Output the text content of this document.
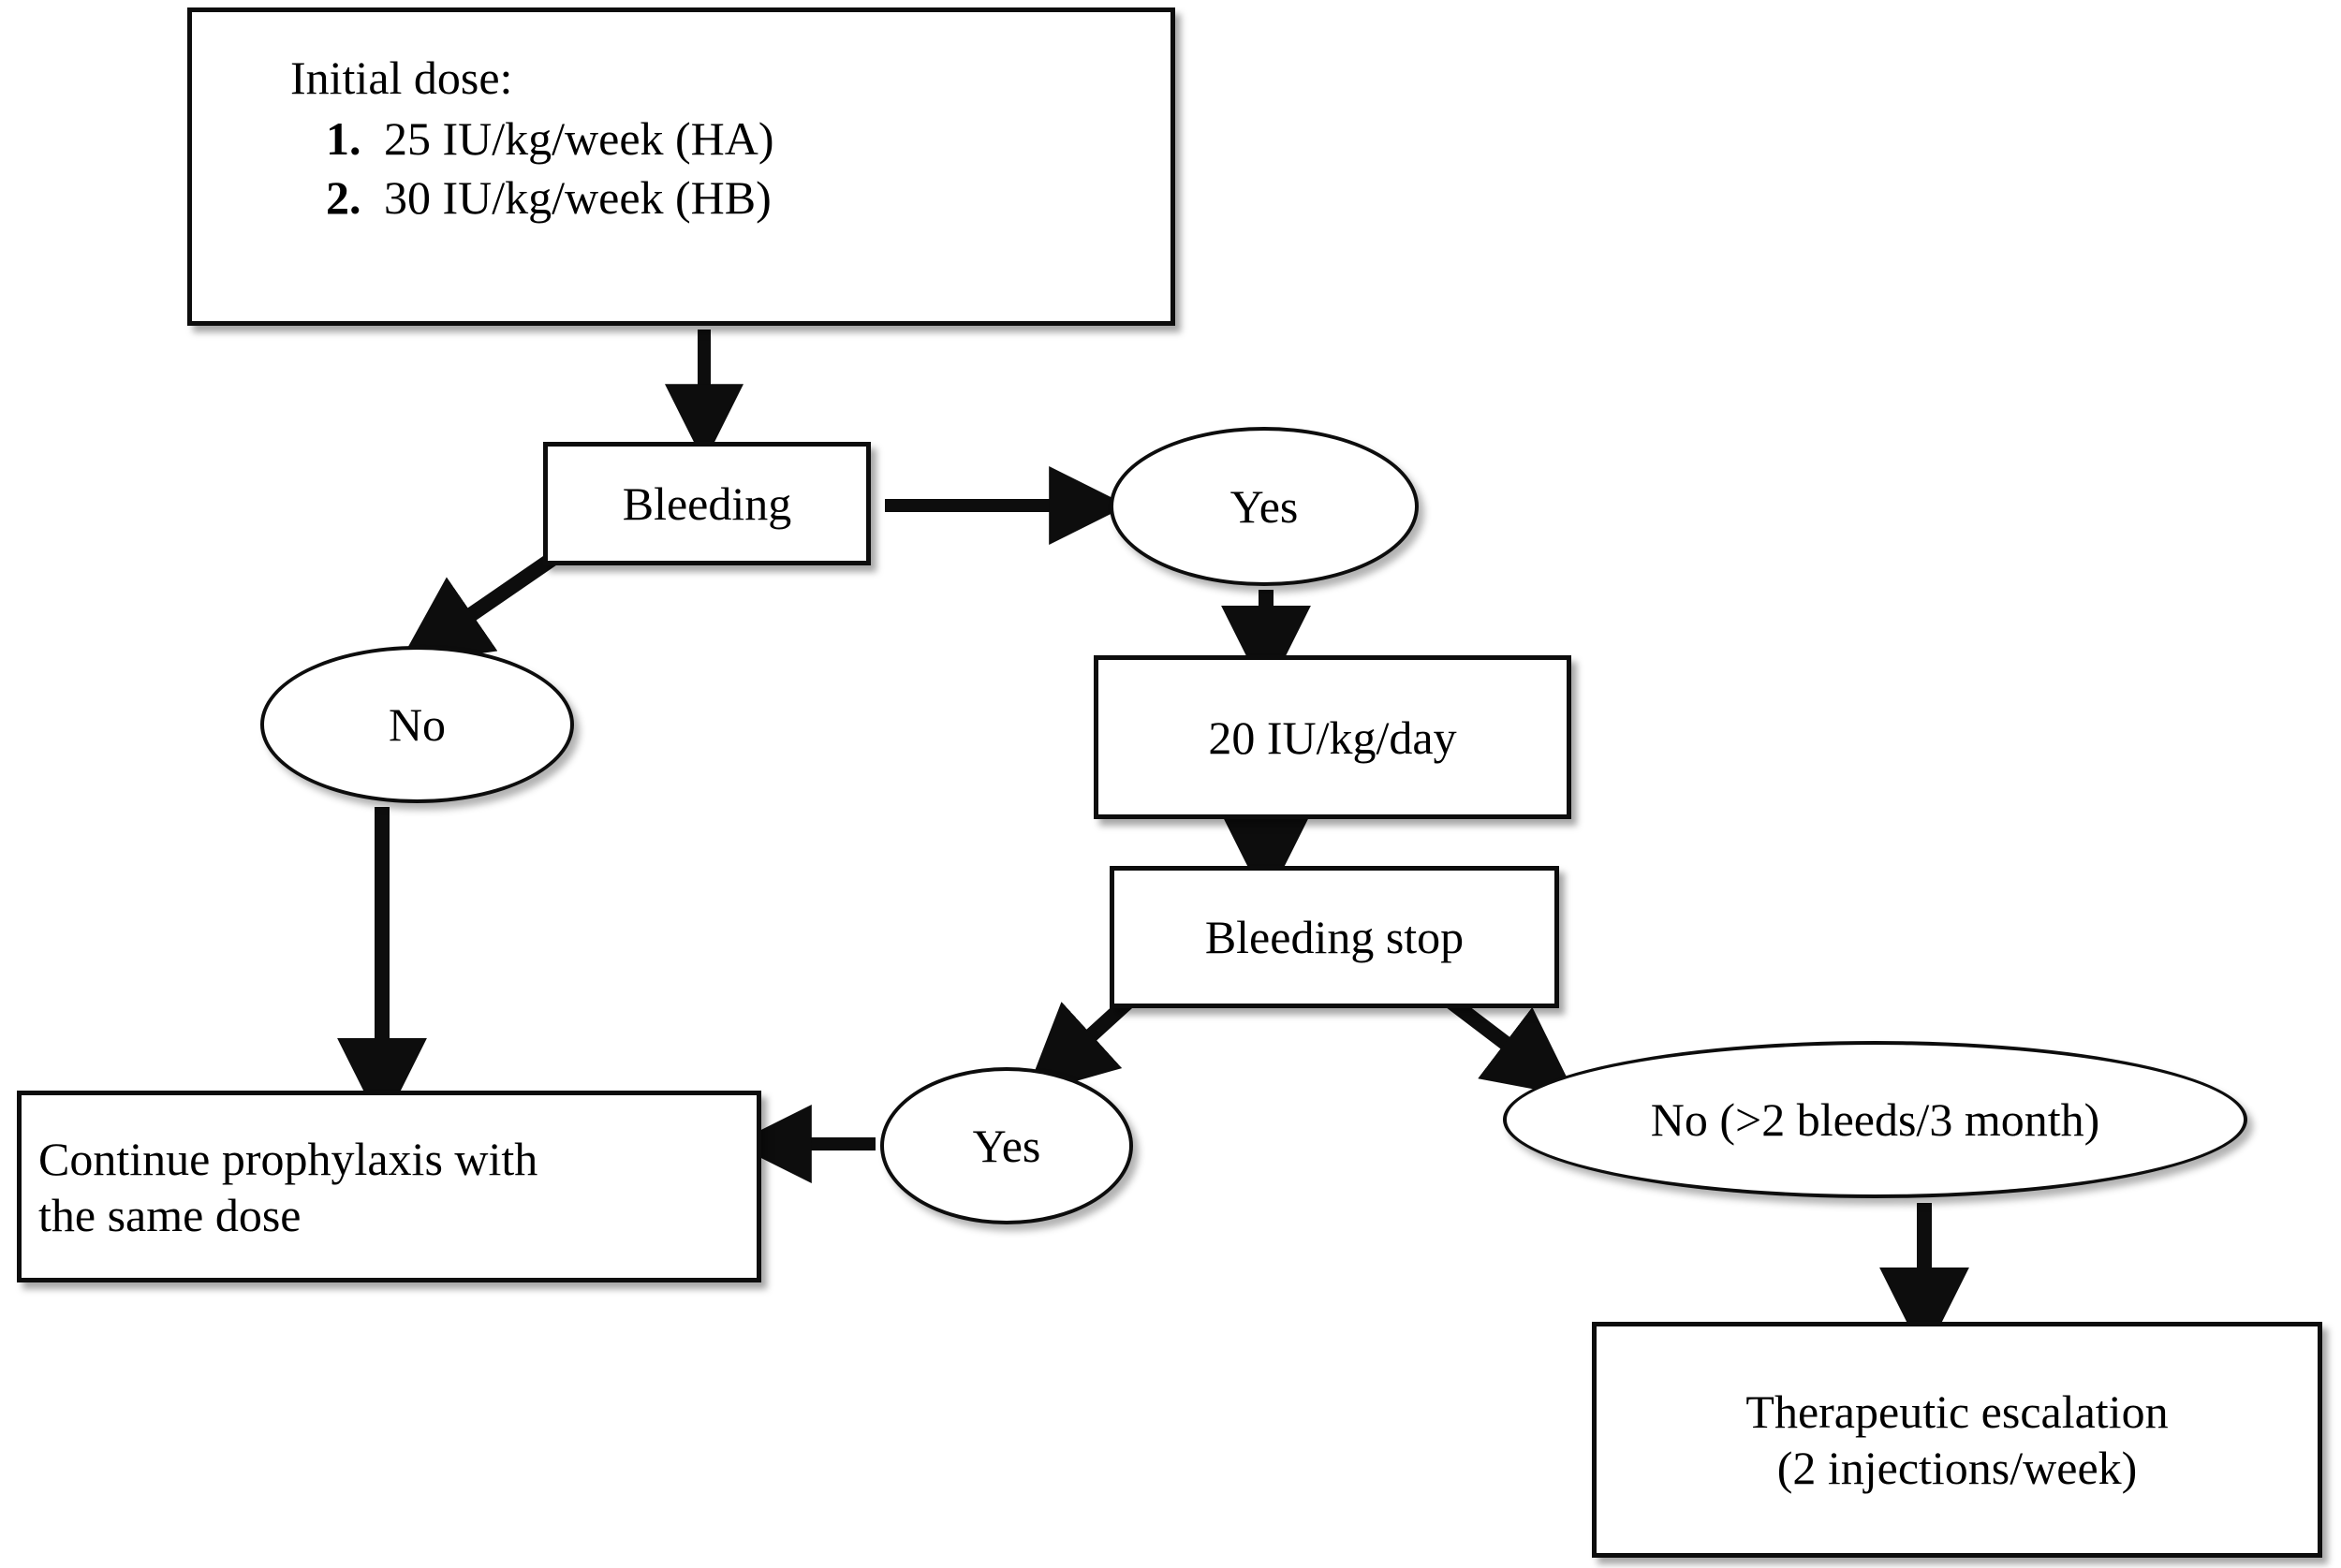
Initial dose:
1. 25 IU/kg/week (HA)
2. 30 IU/kg/week (HB)
Bleeding	Yes
No	20 IU/kg/day
Bleeding stop
Yes	No (>2 bleeds/3 month)
Continue prophylaxis with
the same dose
Therapeutic escalation
(2 injections/week)
